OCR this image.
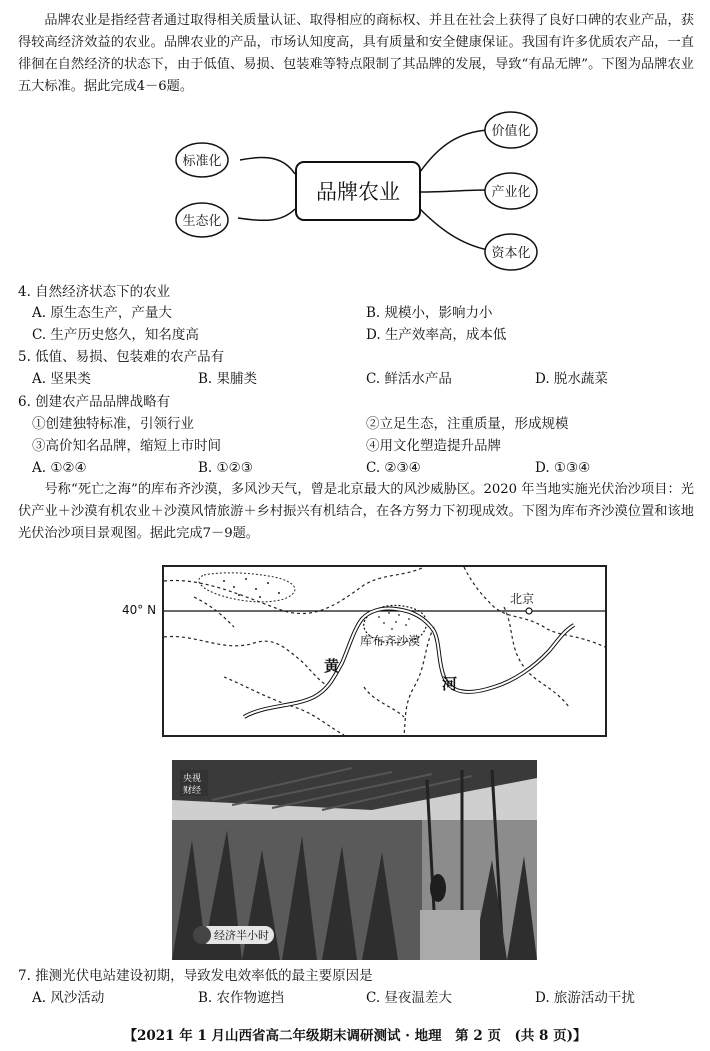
品牌农业是指经营者通过取得相关质量认证、取得相应的商标权、并且在社会上获得了良好口碑的农业产品，获得较高经济效益的农业。品牌农业的产品，市场认知度高，具有质量和安全健康保证。我国有许多优质农产品，一直徘徊在自然经济的状态下，由于低值、易损、包装难等特点限制了其品牌的发展，导致“有品无牌”。下图为品牌农业五大标准。据此完成4－6题。

品牌农业
标准化
生态化
价值化
产业化
资本化
4. 自然经济状态下的农业
A. 原生态生产，产量大	B. 规模小，影响力小
C. 生产历史悠久，知名度高	D. 生产效率高，成本低
5. 低值、易损、包装难的农产品有
A. 坚果类	B. 果脯类	C. 鲜活水产品	D. 脱水蔬菜
6. 创建农产品品牌战略有
①创建独特标准，引领行业	②立足生态，注重质量，形成规模
③高价知名品牌，缩短上市时间	④用文化塑造提升品牌
A. ①②④	B. ①②③	C. ②③④	D. ①③④

号称“死亡之海”的库布齐沙漠，多风沙天气，曾是北京最大的风沙威胁区。2020 年当地实施光伏治沙项目：光伏产业＋沙漠有机农业＋沙漠风情旅游＋乡村振兴有机结合，在各方努力下初现成效。下图为库布齐沙漠位置和该地光伏治沙项目景观图。据此完成7－9题。

40° N
北京
库布齐沙漠
黄
河
央视
财经
经济半小时
7. 推测光伏电站建设初期，导致发电效率低的最主要原因是
A. 风沙活动	B. 农作物遮挡	C. 昼夜温差大	D. 旅游活动干扰
【2021 年 1 月山西省高二年级期末调研测试 · 地理　第 2 页　(共 8 页)】
